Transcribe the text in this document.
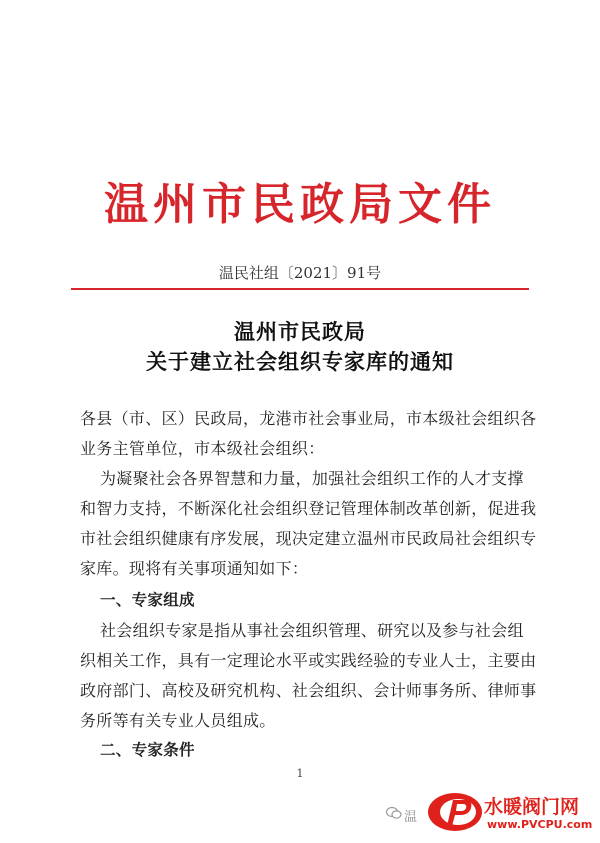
温州市民政局文件
温民社组〔2021〕91号
温州市民政局
关于建立社会组织专家库的通知
各县（市、区）民政局，龙港市社会事业局，市本级社会组织各
业务主管单位，市本级社会组织：
为凝聚社会各界智慧和力量，加强社会组织工作的人才支撑
和智力支持，不断深化社会组织登记管理体制改革创新，促进我
市社会组织健康有序发展，现决定建立温州市民政局社会组织专
家库。现将有关事项通知如下：
一、专家组成
社会组织专家是指从事社会组织管理、研究以及参与社会组
织相关工作，具有一定理论水平或实践经验的专业人士，主要由
政府部门、高校及研究机构、社会组织、会计师事务所、律师事
务所等有关专业人员组成。
二、专家条件
1
温	水暖阀门网
www.PVCPU.com
